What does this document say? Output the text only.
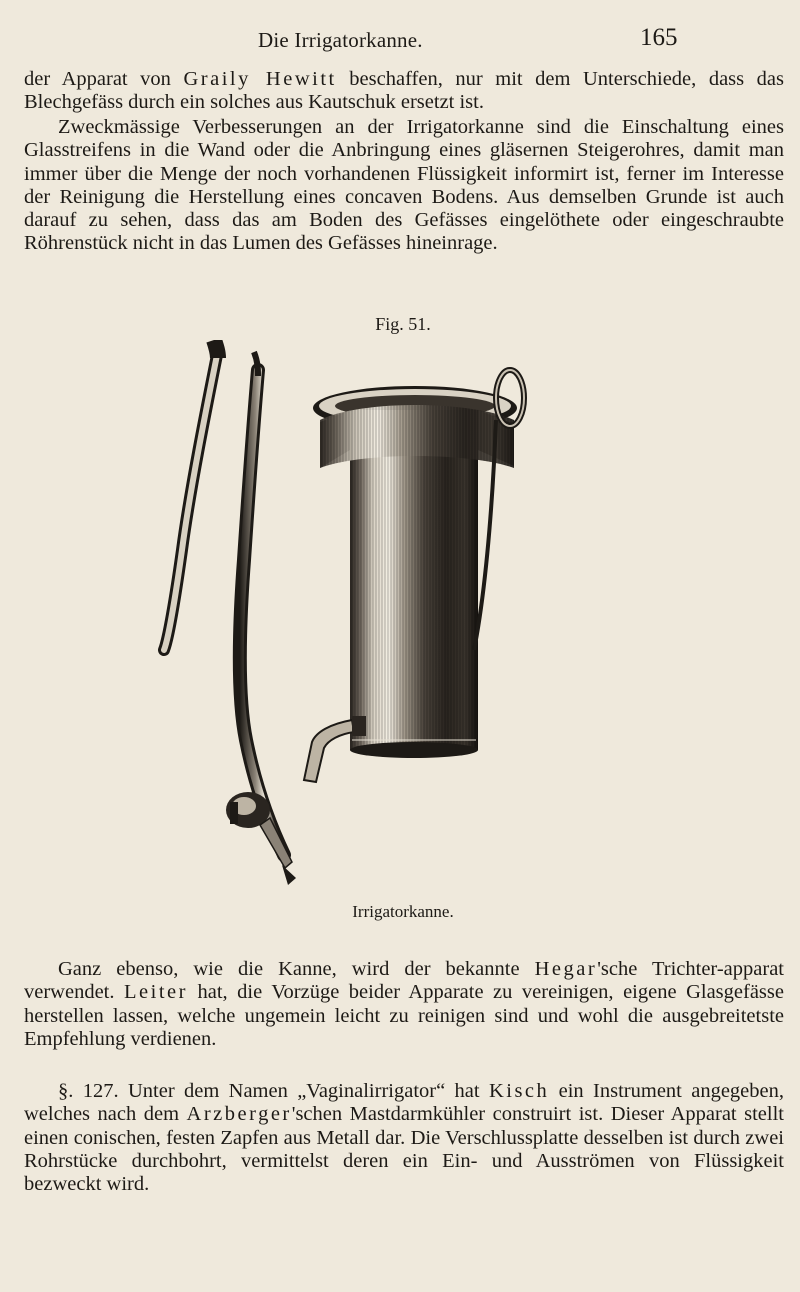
Die Irrigatorkanne.	165

der Apparat von Graily Hewitt beschaffen, nur mit dem Unterschiede, dass das Blechgefäss durch ein solches aus Kautschuk ersetzt ist.

Zweckmässige Verbesserungen an der Irrigatorkanne sind die Einschaltung eines Glasstreifens in die Wand oder die Anbringung eines gläsernen Steigerohres, damit man immer über die Menge der noch vorhandenen Flüssigkeit informirt ist, ferner im Interesse der Reinigung die Herstellung eines concaven Bodens. Aus demselben Grunde ist auch darauf zu sehen, dass das am Boden des Gefässes eingelöthete oder eingeschraubte Röhrenstück nicht in das Lumen des Gefässes hineinrage.

Fig. 51.
Irrigatorkanne.

Ganz ebenso, wie die Kanne, wird der bekannte Hegar'sche Trichter-apparat verwendet. Leiter hat, die Vorzüge beider Apparate zu vereinigen, eigene Glasgefässe herstellen lassen, welche ungemein leicht zu reinigen sind und wohl die ausgebreitetste Empfehlung verdienen.

§. 127. Unter dem Namen „Vaginalirrigator“ hat Kisch ein Instrument angegeben, welches nach dem Arzberger'schen Mastdarmkühler construirt ist. Dieser Apparat stellt einen conischen, festen Zapfen aus Metall dar. Die Verschlussplatte desselben ist durch zwei Rohrstücke durchbohrt, vermittelst deren ein Ein- und Ausströmen von Flüssigkeit bezweckt wird.
